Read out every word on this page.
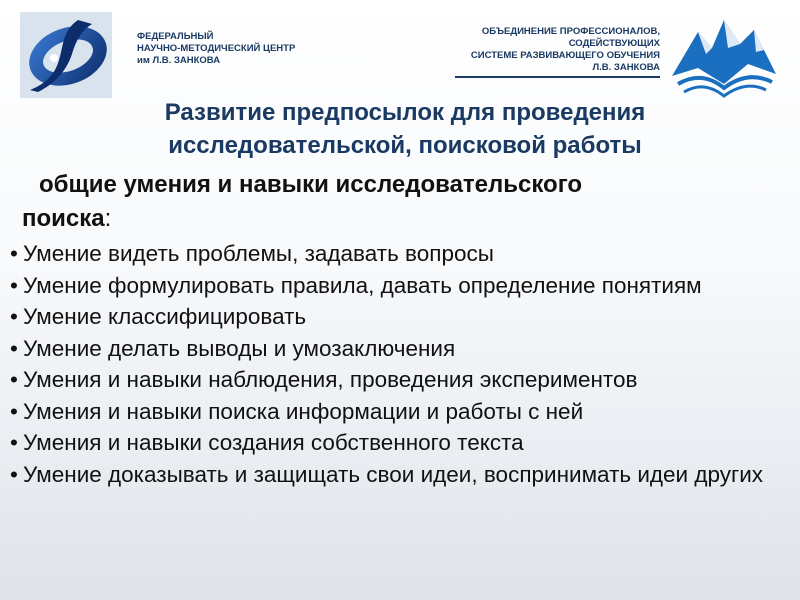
ФЕДЕРАЛЬНЫЙ
НАУЧНО-МЕТОДИЧЕСКИЙ ЦЕНТР
им Л.В. ЗАНКОВА
ОБЪЕДИНЕНИЕ ПРОФЕССИОНАЛОВ,
СОДЕЙСТВУЮЩИХ
СИСТЕМЕ РАЗВИВАЮЩЕГО ОБУЧЕНИЯ
Л.В. ЗАНКОВА
Развитие предпосылок для проведения
исследовательской, поисковой работы
общие умения и навыки исследовательского
поиска:
• Умение видеть проблемы, задавать вопросы
• Умение формулировать правила, давать определение понятиям
• Умение классифицировать
• Умение делать выводы и умозаключения
• Умения и навыки наблюдения, проведения экспериментов
• Умения и навыки поиска информации и работы с ней
• Умения и навыки создания собственного текста
• Умение доказывать и защищать свои идеи, воспринимать идеи других
